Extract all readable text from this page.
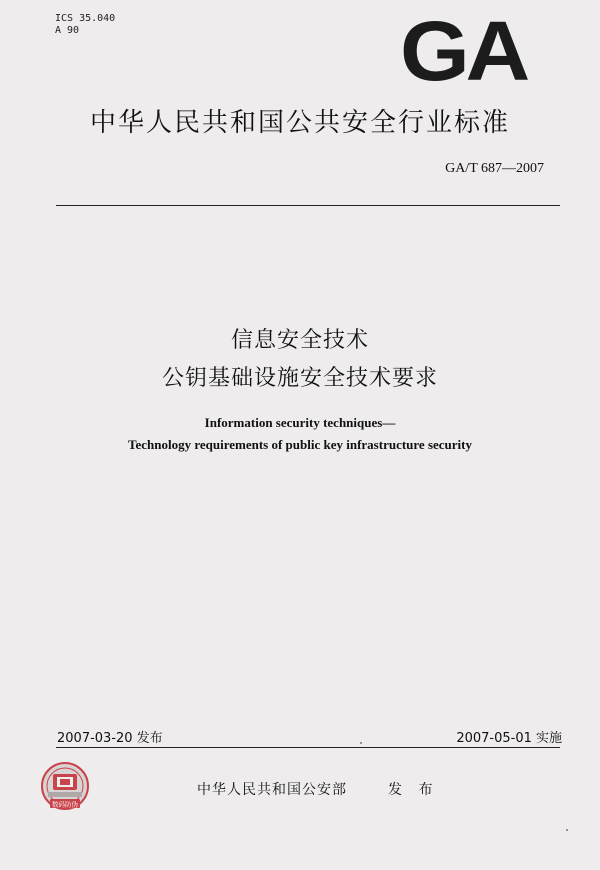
ICS 35.040
A 90	GA
中华人民共和国公共安全行业标准
GA/T 687—2007
信息安全技术
公钥基础设施安全技术要求
Information security techniques—
Technology requirements of public key infrastructure security
2007-03-20 发布	2007-05-01 实施
数码防伪
中华人民共和国公安部	发 布
